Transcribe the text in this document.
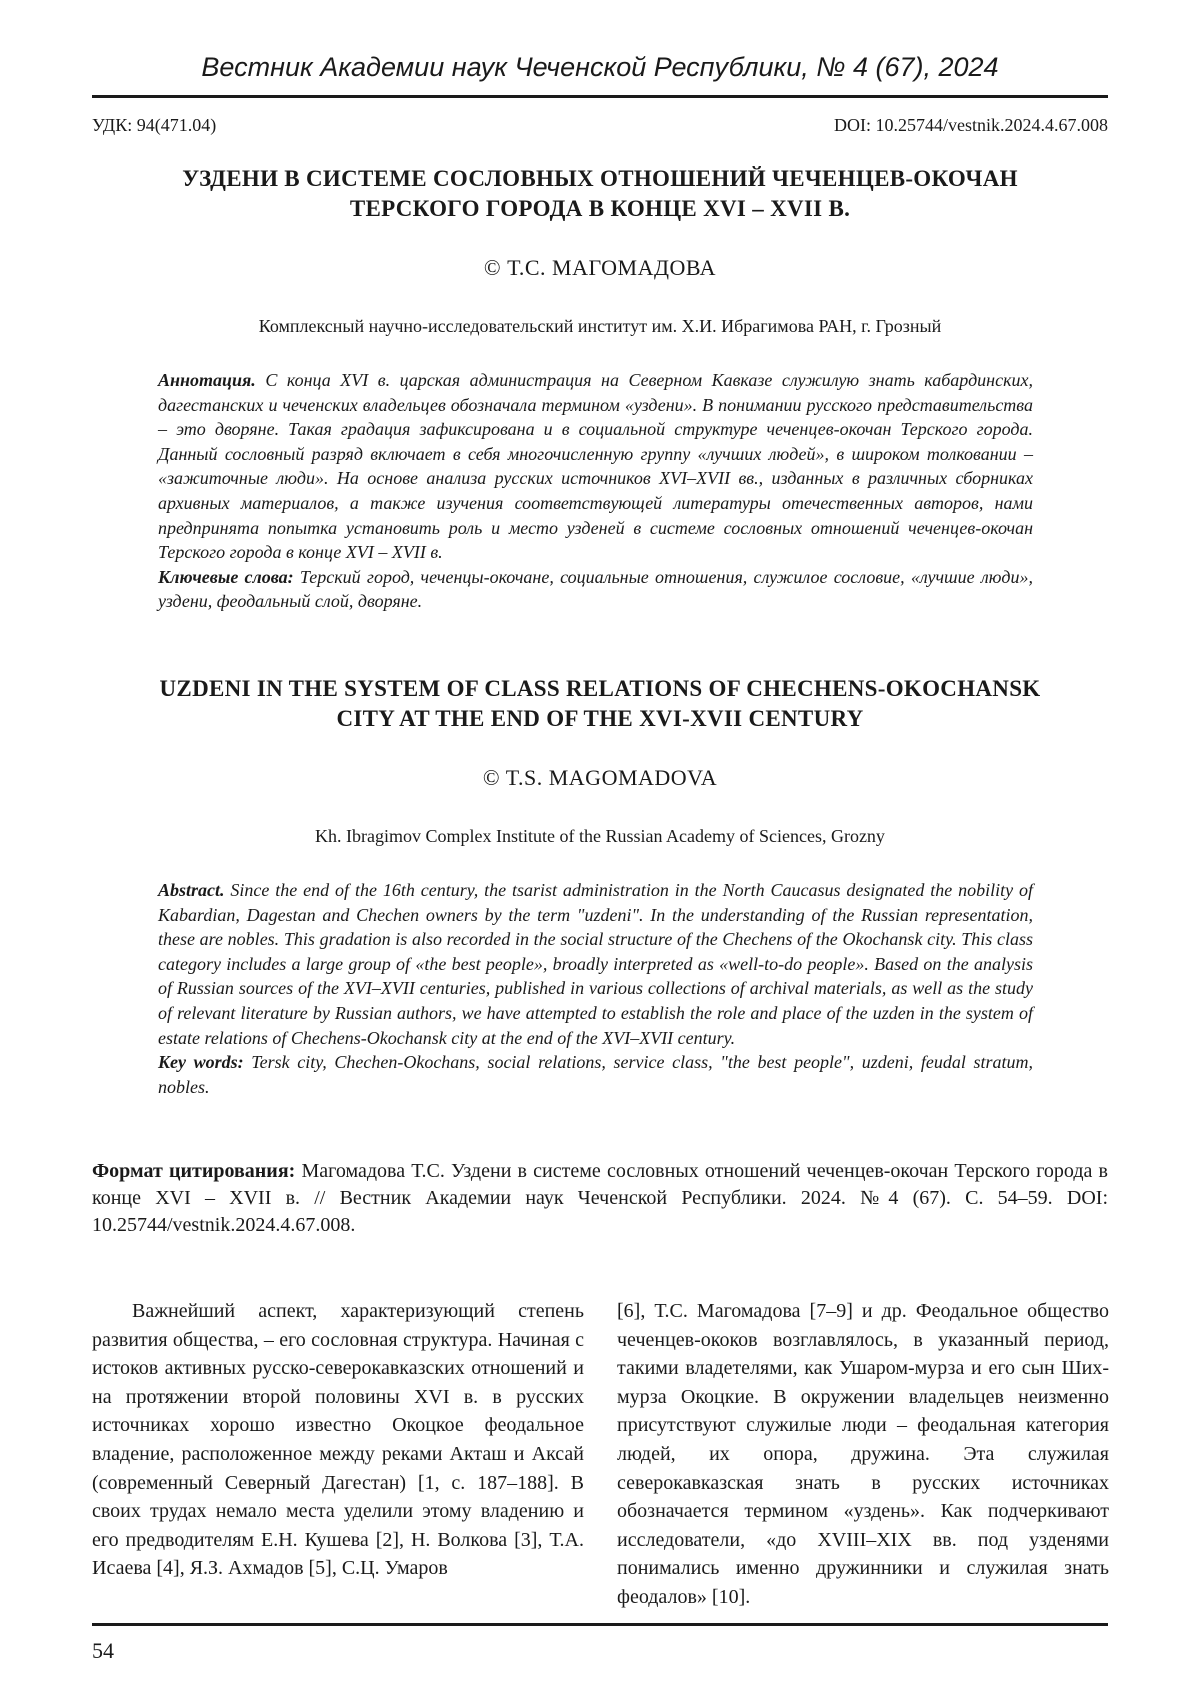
Вестник Академии наук Чеченской Республики, № 4 (67), 2024
УДК: 94(471.04)	DOI: 10.25744/vestnik.2024.4.67.008
УЗДЕНИ В СИСТЕМЕ СОСЛОВНЫХ ОТНОШЕНИЙ ЧЕЧЕНЦЕВ-ОКОЧАН
ТЕРСКОГО ГОРОДА В КОНЦЕ XVI – XVII В.
© Т.С. МАГОМАДОВА
Комплексный научно-исследовательский институт им. Х.И. Ибрагимова РАН, г. Грозный

Аннотация. С конца XVI в. царская администрация на Северном Кавказе служилую знать кабардинских, дагестанских и чеченских владельцев обозначала термином «уздени». В понимании русского представительства – это дворяне. Такая градация зафиксирована и в социальной структуре чеченцев-окочан Терского города. Данный сословный разряд включает в себя многочисленную группу «лучших людей», в широком толковании – «зажиточные люди». На основе анализа русских источников XVI–XVII вв., изданных в различных сборниках архивных материалов, а также изучения соответствующей литературы отечественных авторов, нами предпринята попытка установить роль и место узденей в системе сословных отношений чеченцев-окочан Терского города в конце XVI – XVII в.

Ключевые слова: Терский город, чеченцы-окочане, социальные отношения, служилое сословие, «лучшие люди», уздени, феодальный слой, дворяне.

UZDENI IN THE SYSTEM OF CLASS RELATIONS OF CHECHENS-OKOCHANSK
CITY AT THE END OF THE XVI-XVII CENTURY
© T.S. MAGOMADOVA
Kh. Ibragimov Complex Institute of the Russian Academy of Sciences, Grozny

Abstract. Since the end of the 16th century, the tsarist administration in the North Caucasus designated the nobility of Kabardian, Dagestan and Chechen owners by the term "uzdeni". In the understanding of the Russian representation, these are nobles. This gradation is also recorded in the social structure of the Chechens of the Okochansk city. This class category includes a large group of «the best people», broadly interpreted as «well-to-do people». Based on the analysis of Russian sources of the XVI–XVII centuries, published in various collections of archival materials, as well as the study of relevant literature by Russian authors, we have attempted to establish the role and place of the uzden in the system of estate relations of Chechens-Okochansk city at the end of the XVI–XVII century.

Key words: Tersk city, Chechen-Okochans, social relations, service class, "the best people", uzdeni, feudal stratum, nobles.

Формат цитирования: Магомадова Т.С. Уздени в системе сословных отношений чеченцев-окочан Терского города в конце XVI – XVII в. // Вестник Академии наук Чеченской Республики. 2024. №4 (67). С. 54–59. DOI: 10.25744/vestnik.2024.4.67.008.
Важнейший аспект, характеризующий степень развития общества, – его сословная структура. Начиная с истоков активных русско-северокавказских отношений и на протяжении второй половины XVI в. в русских источниках хорошо известно Окоцкое феодальное владение, расположенное между реками Акташ и Аксай (современный Северный Дагестан) [1, с. 187–188]. В своих трудах немало места уделили этому владению и его предводителям Е.Н. Кушева [2], Н. Волкова [3], Т.А. Исаева [4], Я.З. Ахмадов [5], С.Ц. Умаров
[6], Т.С. Магомадова [7–9] и др. Феодальное общество чеченцев-ококов возглавлялось, в указанный период, такими владетелями, как Ушаром-мурза и его сын Ших-мурза Окоцкие. В окружении владельцев неизменно присутствуют служилые люди – феодальная категория людей, их опора, дружина. Эта служилая северокавказская знать в русских источниках обозначается термином «уздень». Как подчеркивают исследователи, «до XVIII–XIX вв. под узденями понимались именно дружинники и служилая знать феодалов» [10].
54
